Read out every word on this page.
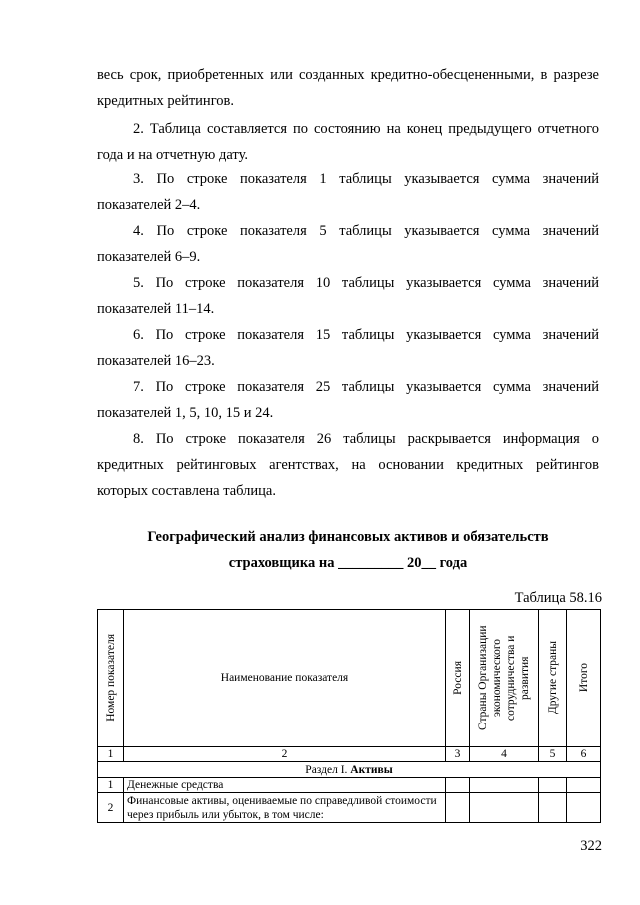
весь срок, приобретенных или созданных кредитно-обесцененными, в разрезе кредитных рейтингов.

2. Таблица составляется по состоянию на конец предыдущего отчетного года и на отчетную дату.

3. По строке показателя 1 таблицы указывается сумма значений показателей 2–4.

4. По строке показателя 5 таблицы указывается сумма значений показателей 6–9.

5. По строке показателя 10 таблицы указывается сумма значений показателей 11–14.

6. По строке показателя 15 таблицы указывается сумма значений показателей 16–23.

7. По строке показателя 25 таблицы указывается сумма значений показателей 1, 5, 10, 15 и 24.

8. По строке показателя 26 таблицы раскрывается информация о кредитных рейтинговых агентствах, на основании кредитных рейтингов которых составлена таблица.

Географический анализ финансовых активов и обязательств
страховщика на _________ 20__ года
Таблица 58.16
Номер показателя	Наименование показателя	Россия	Страны Организации экономического сотрудничества и развития	Другие страны	Итого

1	2	3	4	5	6
Раздел I. Активы					
1	Денежные средства				
2	Финансовые активы, оцениваемые по справедливой стоимости через прибыль или убыток, в том числе:				
322
